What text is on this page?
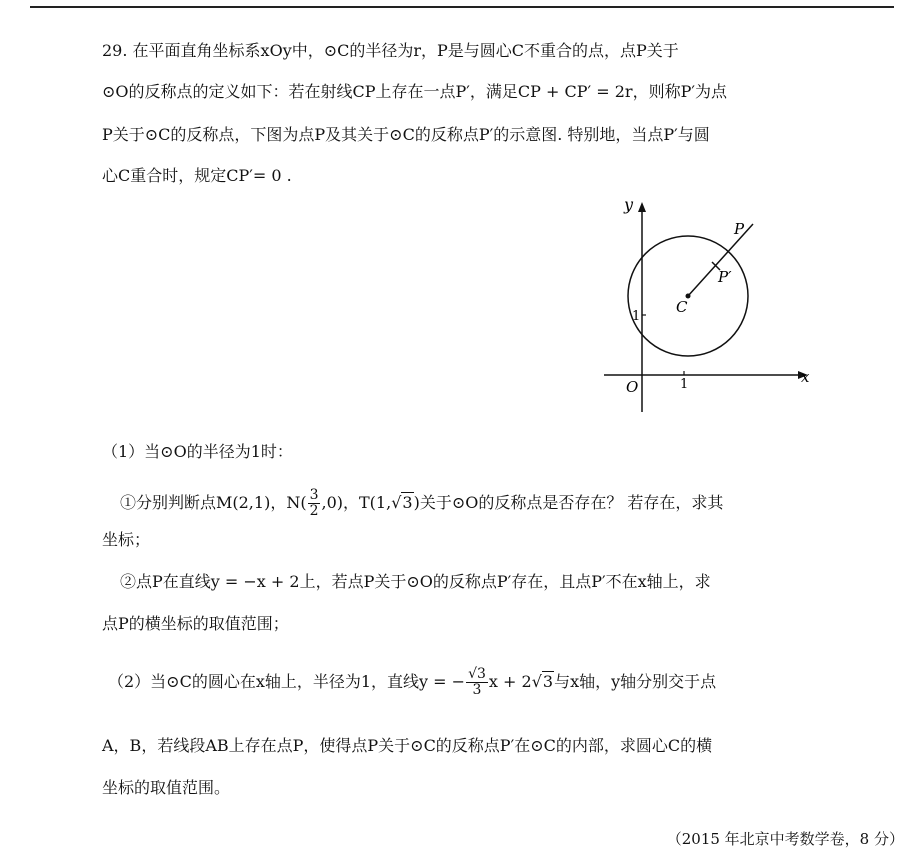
29. 在平面直角坐标系xOy中，⊙C的半径为r，P是与圆心C不重合的点，点P关于
⊙O的反称点的定义如下：若在射线CP上存在一点P′，满足CP + CP′ = 2r，则称P′为点
P关于⊙C的反称点，下图为点P及其关于⊙C的反称点P′的示意图. 特别地，当点P′与圆
心C重合时，规定CP′= 0 .
y
x
O	1
1
P
P′
C
（1）当⊙O的半径为1时：
①分别判断点M(2,1)，$N( \frac{3}{2} ,0)$，T(1,√3)关于⊙O的反称点是否存在？ 若存在，求其
坐标；
②点P在直线y = −x + 2上，若点P关于⊙O的反称点P′存在，且点P′不在x轴上，求
点P的横坐标的取值范围；
（2）当⊙C的圆心在x轴上，半径为1，直线y = − $\frac{√3}{3}$ x + 2√3与x轴，y轴分别交于点
A，B，若线段AB上存在点P，使得点P关于⊙C的反称点P′在⊙C的内部，求圆心C的横
坐标的取值范围。
（2015 年北京中考数学卷，8 分）
